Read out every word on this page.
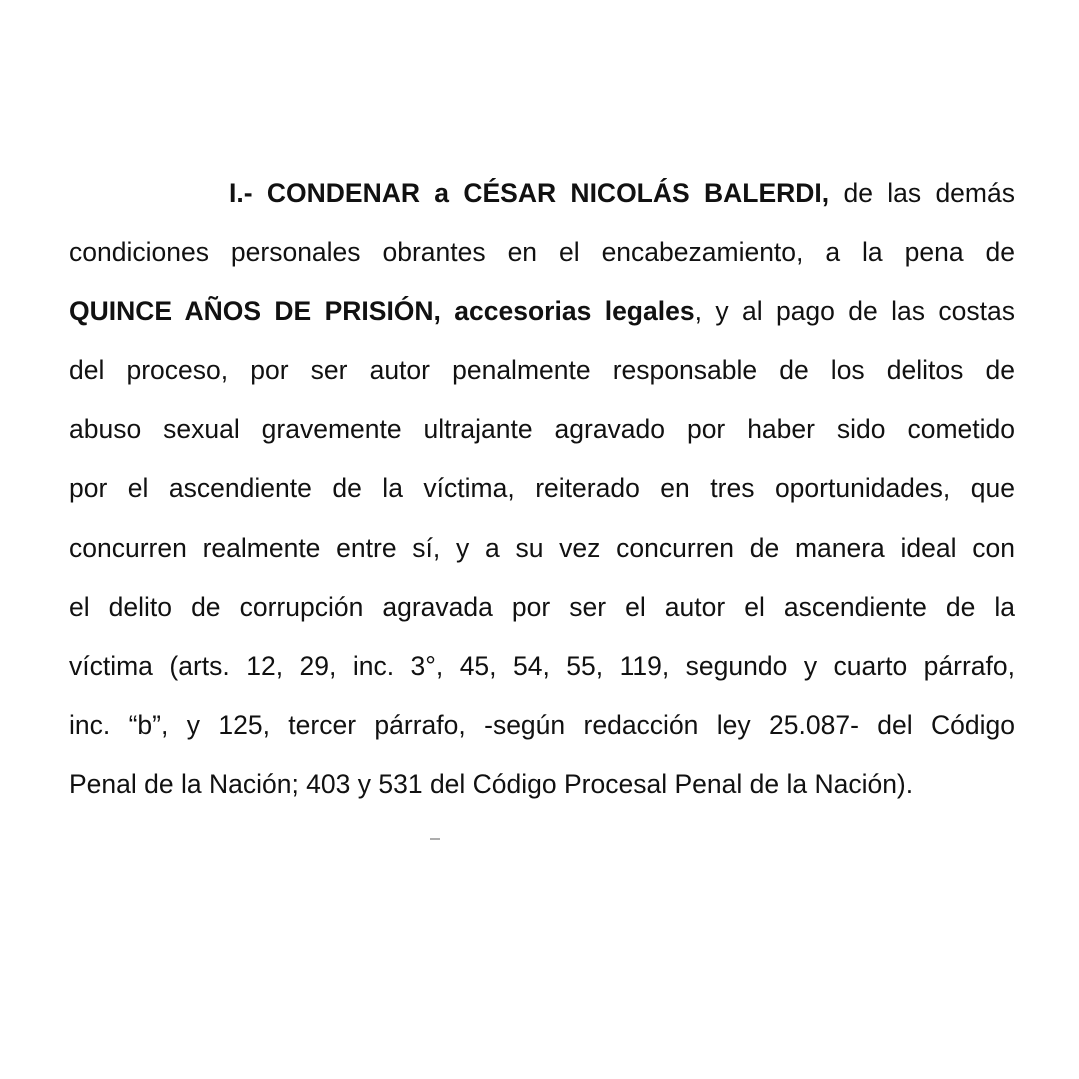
I.- CONDENAR a CÉSAR NICOLÁS BALERDI, de las demás
condiciones personales obrantes en el encabezamiento, a la pena de
QUINCE AÑOS DE PRISIÓN, accesorias legales, y al pago de las costas
del proceso, por ser autor penalmente responsable de los delitos de
abuso sexual gravemente ultrajante agravado por haber sido cometido
por el ascendiente de la víctima, reiterado en tres oportunidades, que
concurren realmente entre sí, y a su vez concurren de manera ideal con
el delito de corrupción agravada por ser el autor el ascendiente de la
víctima (arts. 12, 29, inc. 3°, 45, 54, 55, 119, segundo y cuarto párrafo,
inc. “b”, y 125, tercer párrafo, -según redacción ley 25.087- del Código
Penal de la Nación; 403 y 531 del Código Procesal Penal de la Nación).
